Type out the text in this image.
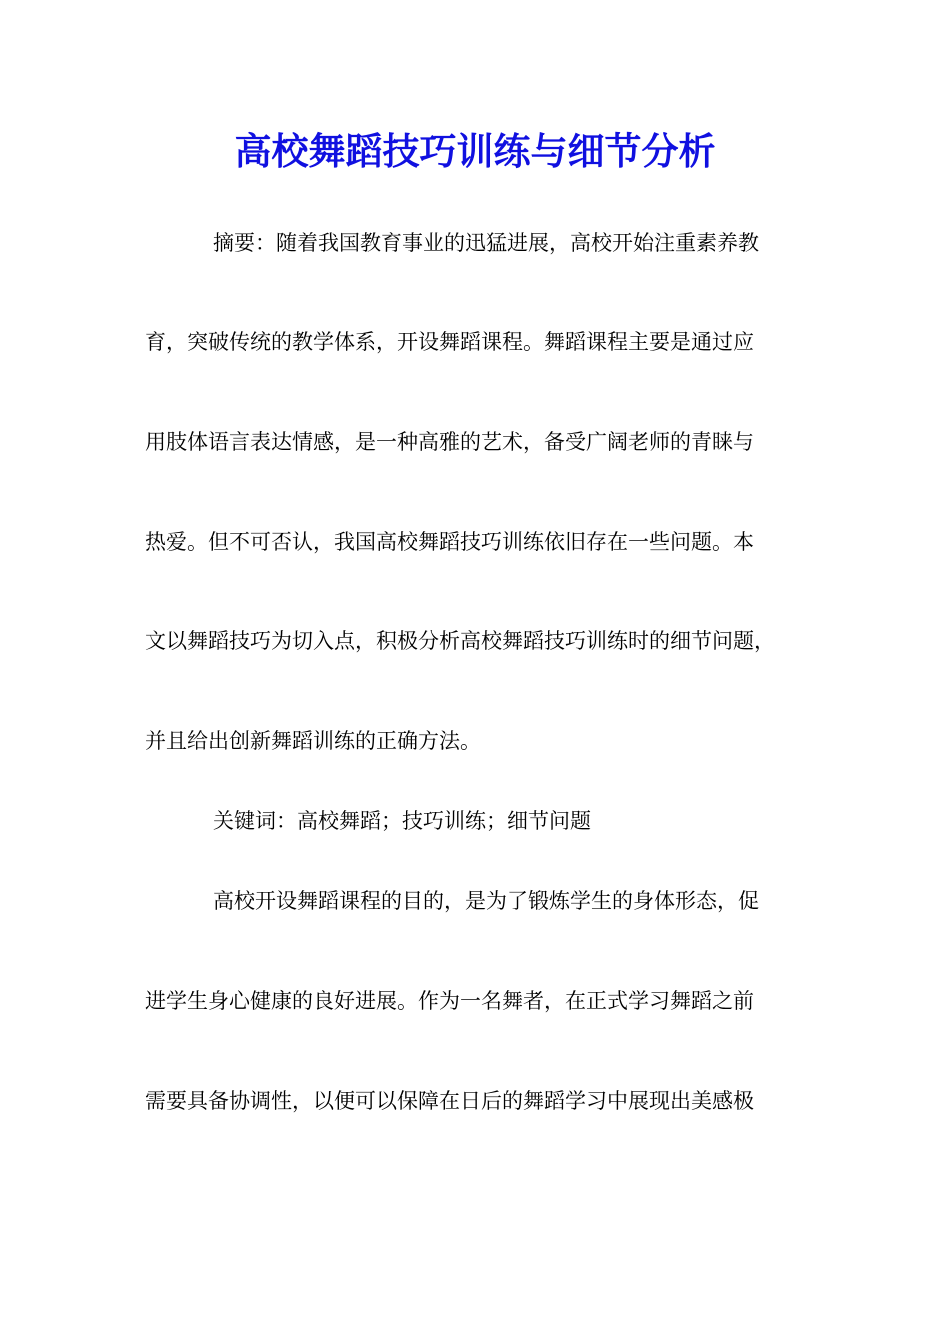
高校舞蹈技巧训练与细节分析
摘要：随着我国教育事业的迅猛进展，高校开始注重素养教
育，突破传统的教学体系，开设舞蹈课程。舞蹈课程主要是通过应
用肢体语言表达情感，是一种高雅的艺术，备受广阔老师的青睐与
热爱。但不可否认，我国高校舞蹈技巧训练依旧存在一些问题。本
文以舞蹈技巧为切入点，积极分析高校舞蹈技巧训练时的细节问题，
并且给出创新舞蹈训练的正确方法。
关键词：高校舞蹈；技巧训练；细节问题
高校开设舞蹈课程的目的，是为了锻炼学生的身体形态，促
进学生身心健康的良好进展。作为一名舞者，在正式学习舞蹈之前
需要具备协调性，以便可以保障在日后的舞蹈学习中展现出美感极
